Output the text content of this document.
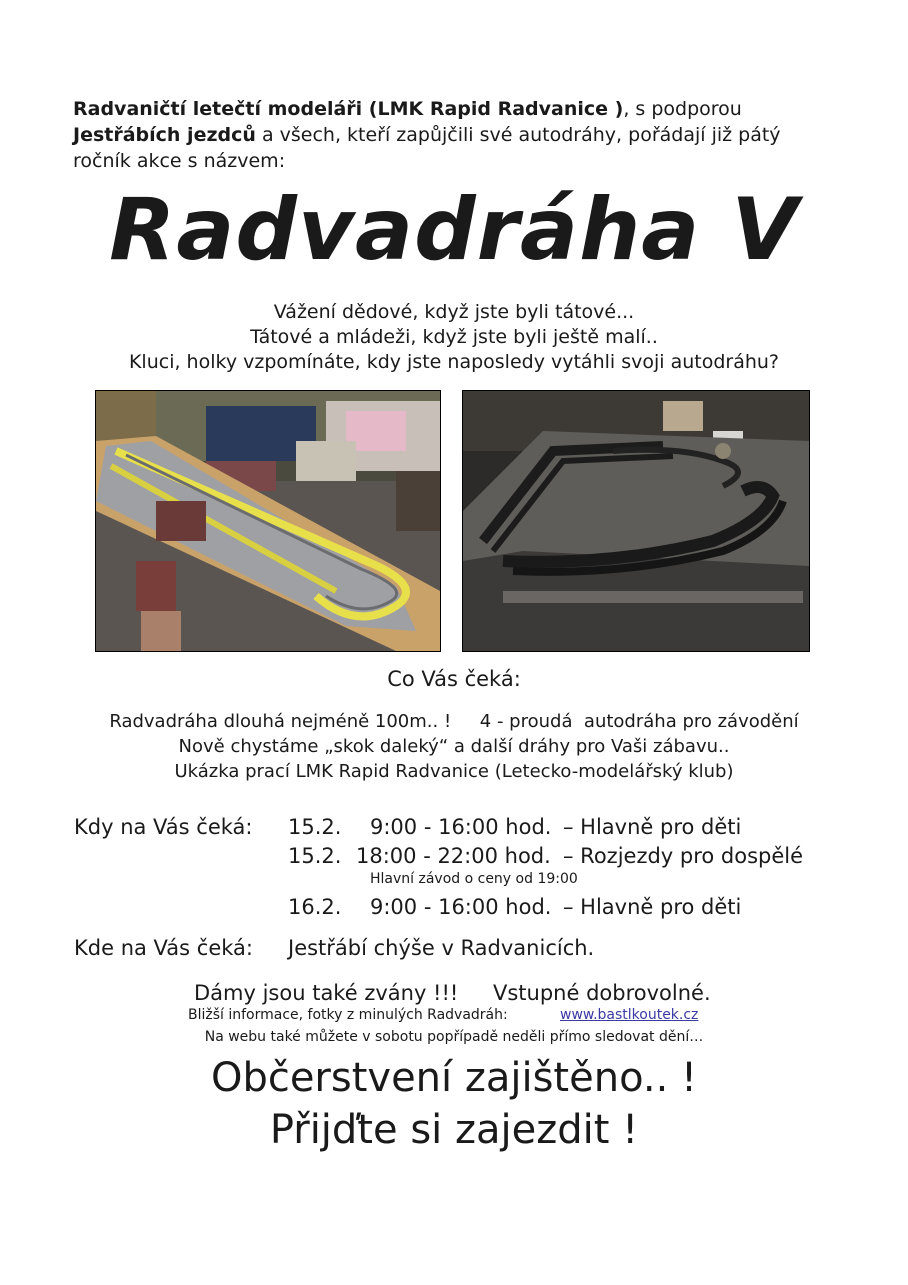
Radvaničtí letečtí modeláři (LMK Rapid Radvanice ), s podporou
Jestřábích jezdců a všech, kteří zapůjčili své autodráhy, pořádají již pátý ročník akce s názvem:
Radvadráha V
Vážení dědové, když jste byli tátové...
Tátové a mládeži, když jste byli ještě malí..
Kluci, holky vzpomínáte, kdy jste naposledy vytáhli svoji autodráhu?
Co Vás čeká:
Radvadráha dlouhá nejméně 100m.. !     4 - proudá  autodráha pro závodění
Nově chystáme „skok daleký“ a další dráhy pro Vaši zábavu..
Ukázka prací LMK Rapid Radvanice (Letecko-modelářský klub)
Kdy na Vás čeká: 15.2. 9:00 - 16:00 hod. – Hlavně pro děti
15.2. 18:00 - 22:00 hod. – Rozjezdy pro dospělé
Hlavní závod o ceny od 19:00
16.2. 9:00 - 16:00 hod. – Hlavně pro děti
Kde na Vás čeká: Jestřábí chýše v Radvanicích.
Dámy jsou také zvány !!! Vstupné dobrovolné.
Bližší informace, fotky z minulých Radvadráh:	www.bastlkoutek.cz
Na webu také můžete v sobotu popřípadě neděli přímo sledovat dění…
Občerstvení zajištěno.. !
Přijďte si zajezdit !
